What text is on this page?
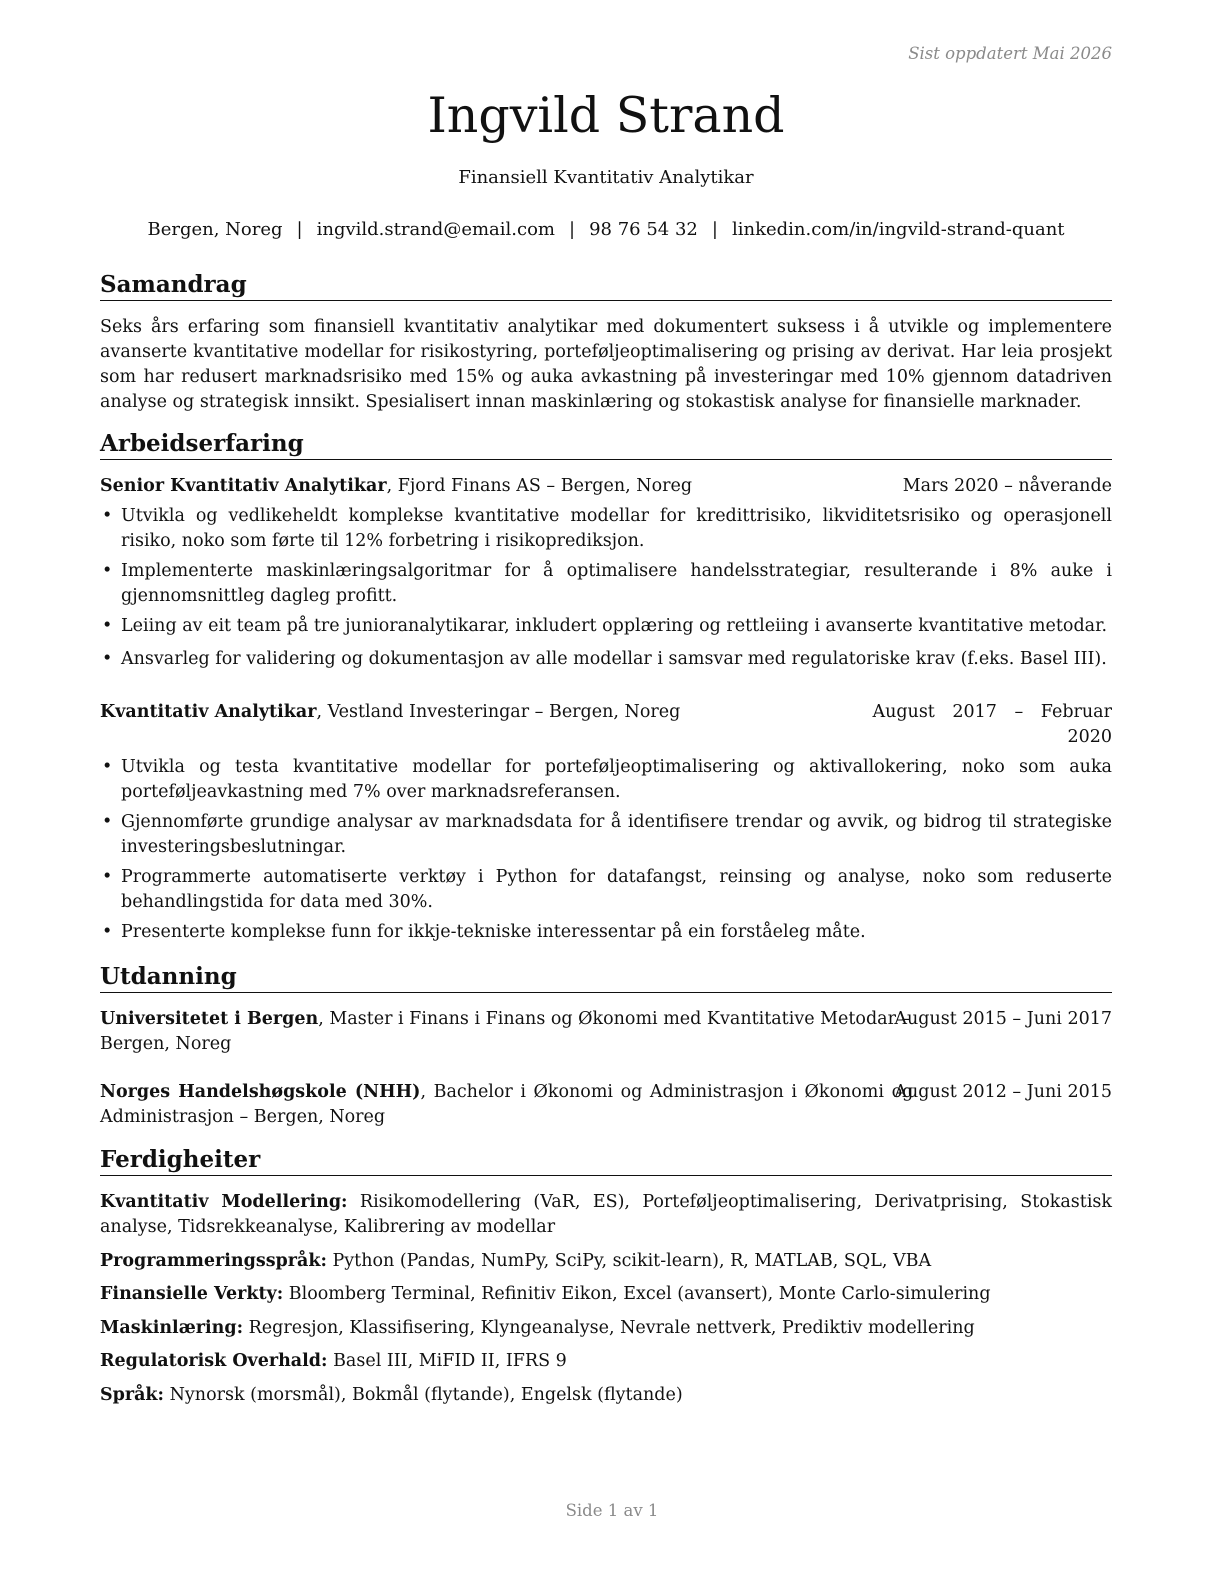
Sist oppdatert Mai 2026
Ingvild Strand
Finansiell Kvantitativ Analytikar
Bergen, Noreg | ingvild.strand@email.com | 98 76 54 32 | linkedin.com/in/ingvild-strand-quant
Samandrag
Seks års erfaring som finansiell kvantitativ analytikar med dokumentert suksess i å utvikle og implementere avanserte kvantitative modellar for risikostyring, porteføljeoptimalisering og prising av derivat. Har leia prosjekt som har redusert marknadsrisiko med 15% og auka avkastning på investeringar med 10% gjennom datadriven analyse og strategisk innsikt. Spesialisert innan maskinlæring og stokastisk analyse for finansielle marknader.
Arbeidserfaring
Senior Kvantitativ Analytikar, Fjord Finans AS – Bergen, Noreg	Mars 2020 – nåverande
• Utvikla og vedlikeheldt komplekse kvantitative modellar for kredittrisiko, likviditetsrisiko og operasjonell risiko, noko som førte til 12% forbetring i risikoprediksjon.
• Implementerte maskinlæringsalgoritmar for å optimalisere handelsstrategiar, resulterande i 8% auke i gjennomsnittleg dagleg profitt.
• Leiing av eit team på tre junioranalytikarar, inkludert opplæring og rettleiing i avanserte kvantitative metodar.
• Ansvarleg for validering og dokumentasjon av alle modellar i samsvar med regulatoriske krav (f.eks. Basel III).
Kvantitativ Analytikar, Vestland Investeringar – Bergen, Noreg	August 2017 – Februar
2020
• Utvikla og testa kvantitative modellar for porteføljeoptimalisering og aktivallokering, noko som auka porteføljeavkastning med 7% over marknadsreferansen.
• Gjennomførte grundige analysar av marknadsdata for å identifisere trendar og avvik, og bidrog til strategiske investeringsbeslutningar.
• Programmerte automatiserte verktøy i Python for datafangst, reinsing og analyse, noko som reduserte behandlingstida for data med 30%.
• Presenterte komplekse funn for ikkje-tekniske interessentar på ein forståeleg måte.
Utdanning
Universitetet i Bergen, Master i Finans i Finans og Økonomi med Kvantitative Metodar –
Bergen, Noreg
August 2015 – Juni 2017
Norges Handelshøgskole (NHH), Bachelor i Økonomi og Administrasjon i Økonomi og
Administrasjon – Bergen, Noreg
August 2012 – Juni 2015
Ferdigheiter
Kvantitativ Modellering: Risikomodellering (VaR, ES), Porteføljeoptimalisering, Derivatprising, Stokastisk analyse, Tidsrekkeanalyse, Kalibrering av modellar
Programmeringsspråk: Python (Pandas, NumPy, SciPy, scikit-learn), R, MATLAB, SQL, VBA
Finansielle Verkty: Bloomberg Terminal, Refinitiv Eikon, Excel (avansert), Monte Carlo-simulering
Maskinlæring: Regresjon, Klassifisering, Klyngeanalyse, Nevrale nettverk, Prediktiv modellering
Regulatorisk Overhald: Basel III, MiFID II, IFRS 9
Språk: Nynorsk (morsmål), Bokmål (flytande), Engelsk (flytande)
Side 1 av 1
